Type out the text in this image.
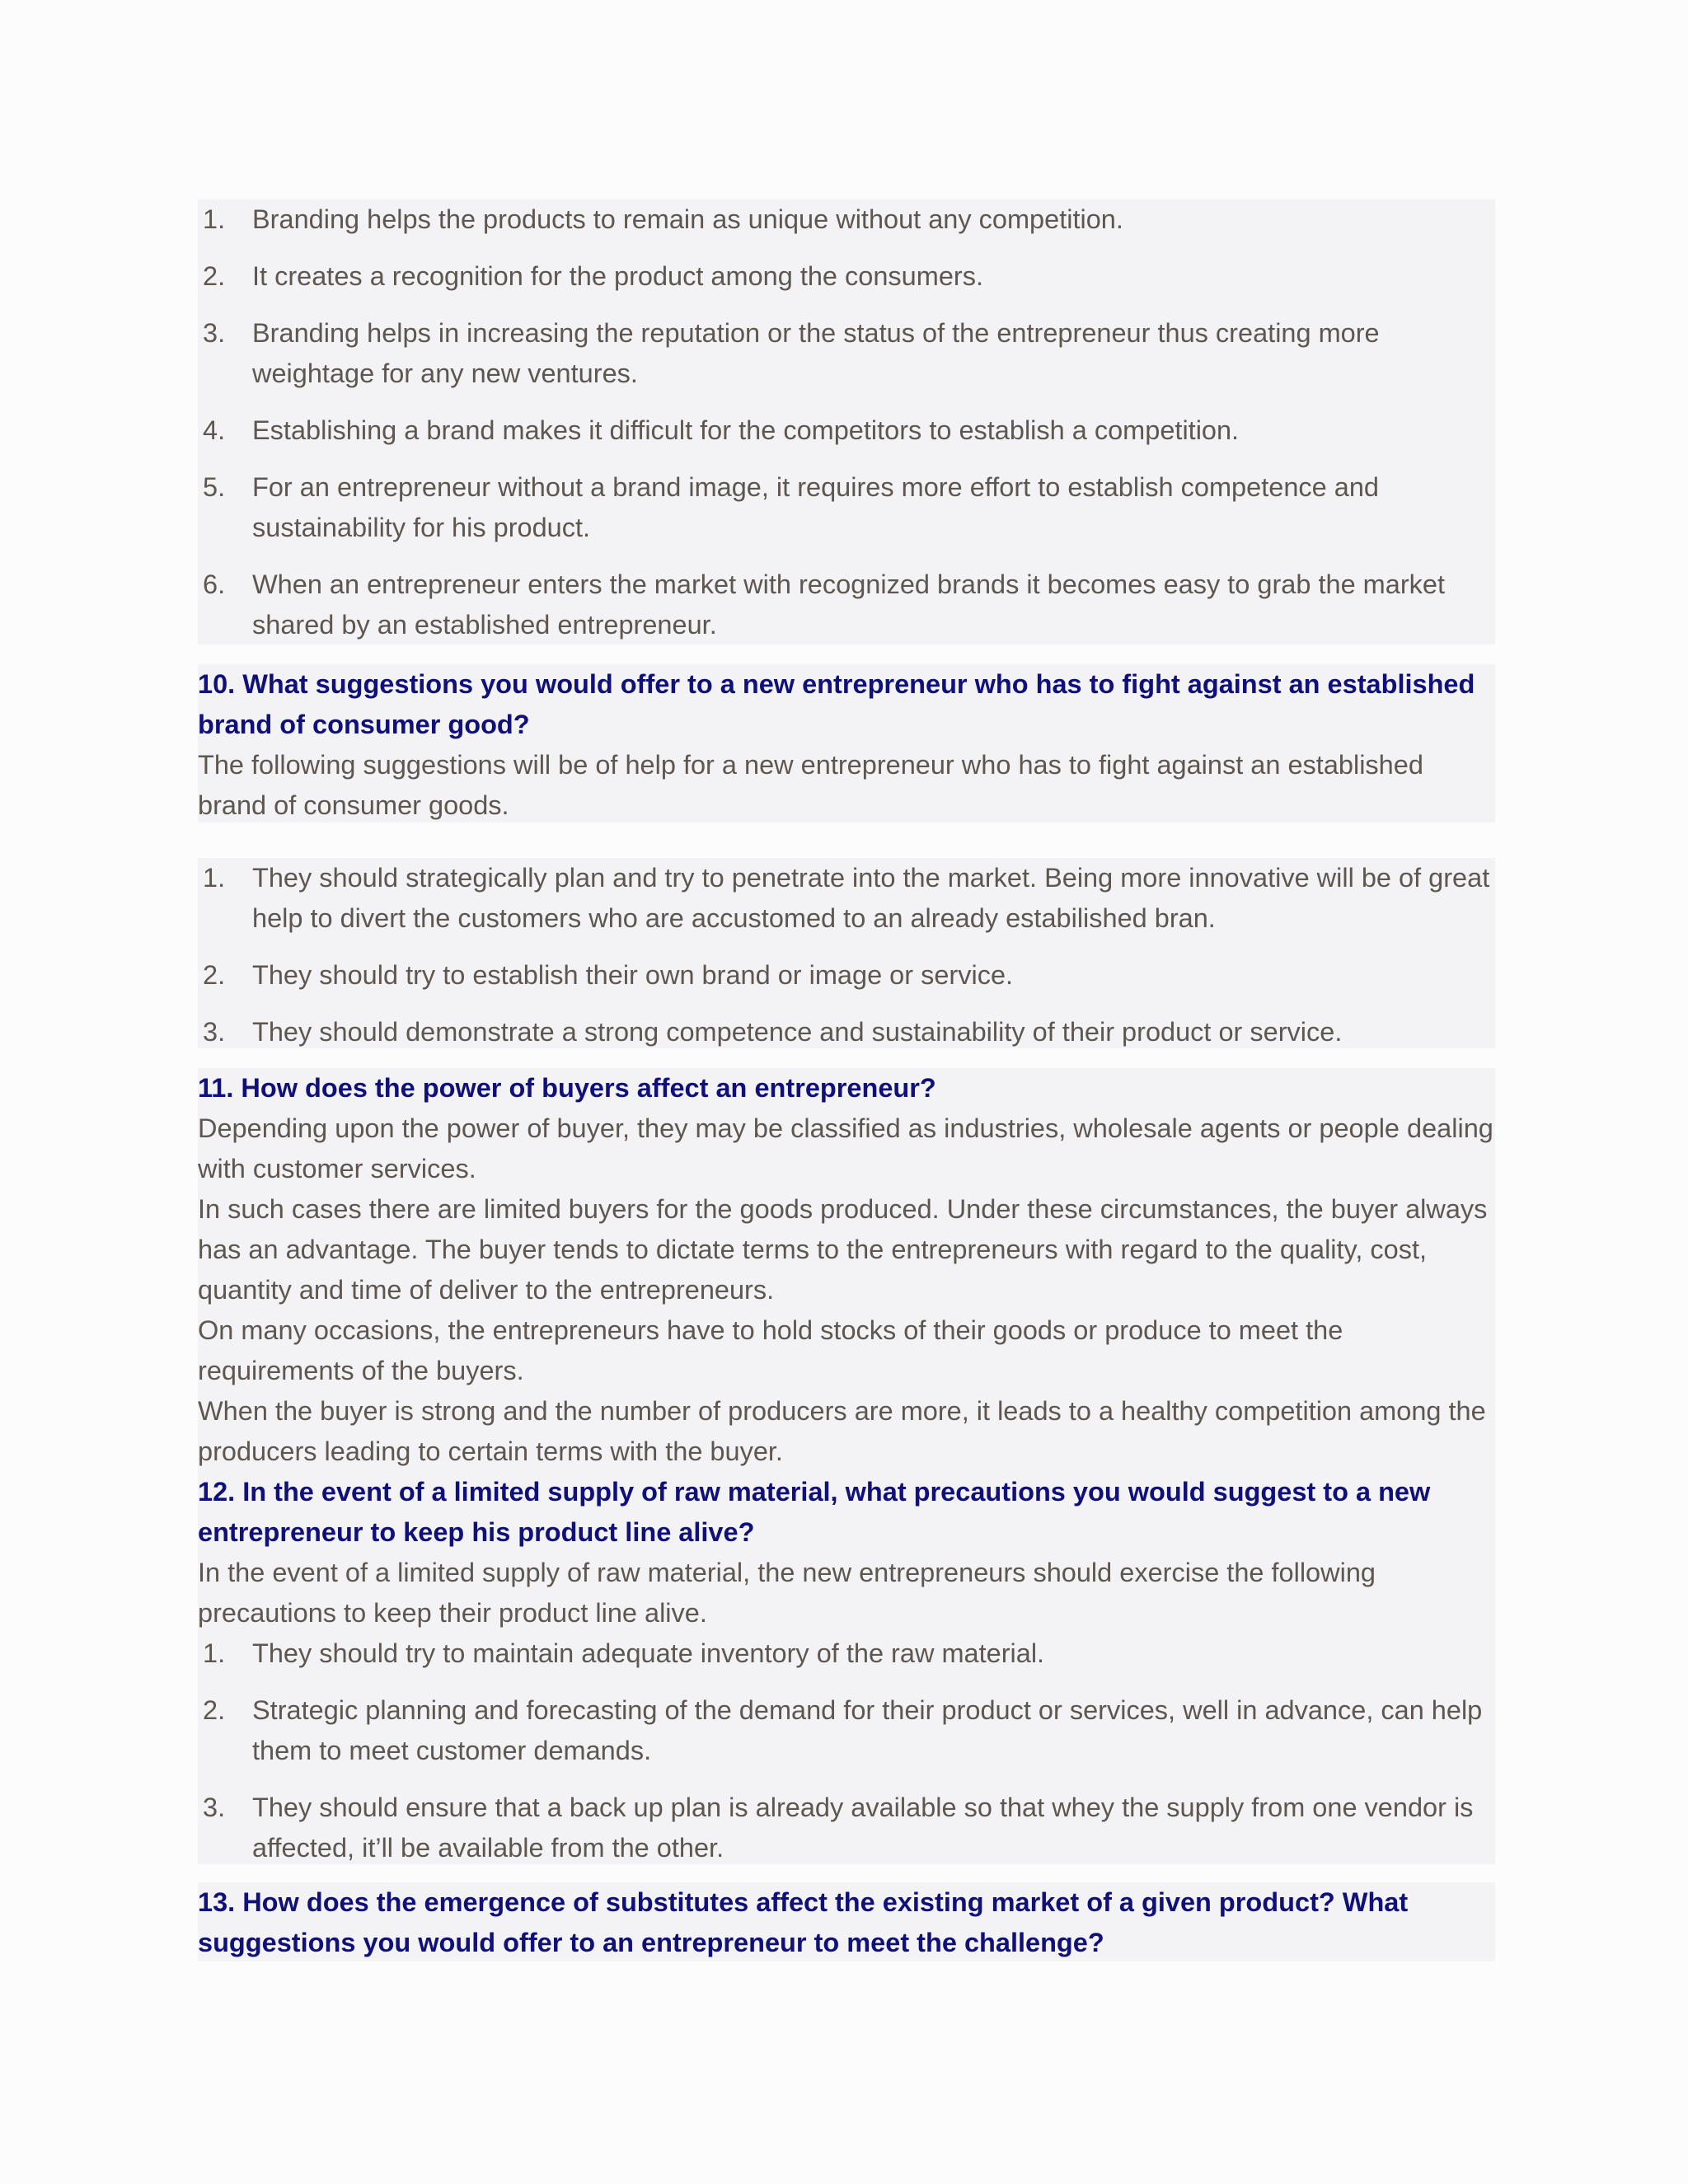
1.	Branding helps the products to remain as unique without any competition.
2.	It creates a recognition for the product among the consumers.
3.	Branding helps in increasing the reputation or the status of the entrepreneur thus creating more weightage for any new ventures.
4.	Establishing a brand makes it difficult for the competitors to establish a competition.
5.	For an entrepreneur without a brand image, it requires more effort to establish competence and sustainability for his product.
6.	When an entrepreneur enters the market with recognized brands it becomes easy to grab the market shared by an established entrepreneur.
10. What suggestions you would offer to a new entrepreneur who has to fight against an established brand of consumer good?
The following suggestions will be of help for a new entrepreneur who has to fight against an established brand of consumer goods.
1.	They should strategically plan and try to penetrate into the market. Being more innovative will be of great help to divert the customers who are accustomed to an already estabilished bran.
2.	They should try to establish their own brand or image or service.
3.	They should demonstrate a strong competence and sustainability of their product or service.
11. How does the power of buyers affect an entrepreneur?
Depending upon the power of buyer, they may be classified as industries, wholesale agents or people dealing with customer services.
In such cases there are limited buyers for the goods produced. Under these circumstances, the buyer always has an advantage. The buyer tends to dictate terms to the entrepreneurs with regard to the quality, cost, quantity and time of deliver to the entrepreneurs.
On many occasions, the entrepreneurs have to hold stocks of their goods or produce to meet the requirements of the buyers.
When the buyer is strong and the number of producers are more, it leads to a healthy competition among the producers leading to certain terms with the buyer.
12. In the event of a limited supply of raw material, what precautions you would suggest to a new entrepreneur to keep his product line alive?
In the event of a limited supply of raw material, the new entrepreneurs should exercise the following precautions to keep their product line alive.
1.	They should try to maintain adequate inventory of the raw material.
2.	Strategic planning and forecasting of the demand for their product or services, well in advance, can help them to meet customer demands.
3.	They should ensure that a back up plan is already available so that whey the supply from one vendor is affected, it’ll be available from the other.
13. How does the emergence of substitutes affect the existing market of a given product? What suggestions you would offer to an entrepreneur to meet the challenge?
